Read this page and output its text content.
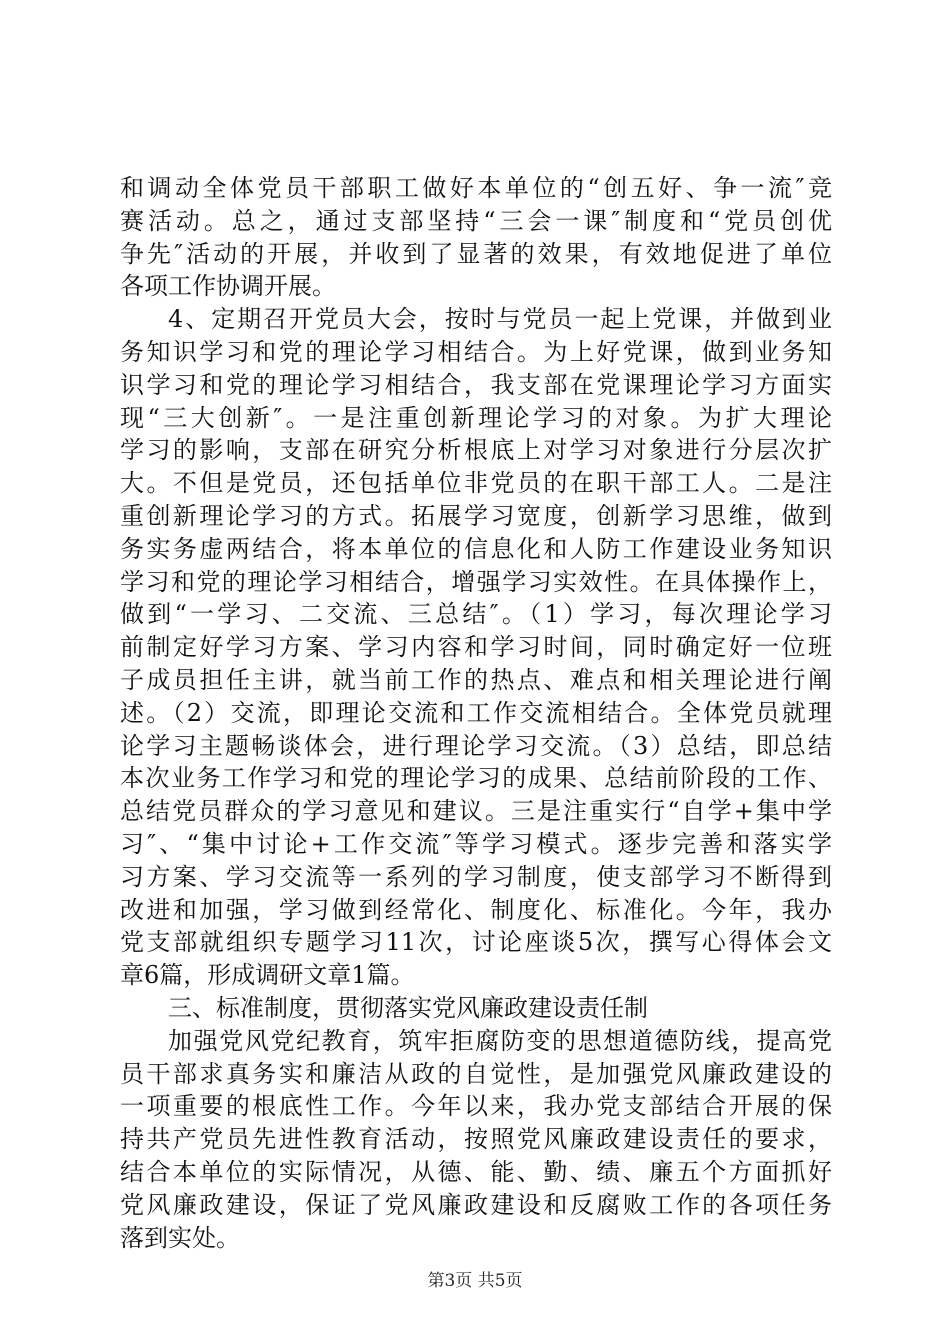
和调动全体党员干部职工做好本单位的“创五好、争一流″竞
赛活动。总之，通过支部坚持“三会一课″制度和“党员创优
争先″活动的开展，并收到了显著的效果，有效地促进了单位
各项工作协调开展。
4、定期召开党员大会，按时与党员一起上党课，并做到业
务知识学习和党的理论学习相结合。为上好党课，做到业务知
识学习和党的理论学习相结合，我支部在党课理论学习方面实
现“三大创新″。一是注重创新理论学习的对象。为扩大理论
学习的影响，支部在研究分析根底上对学习对象进行分层次扩
大。不但是党员，还包括单位非党员的在职干部工人。二是注
重创新理论学习的方式。拓展学习宽度，创新学习思维，做到
务实务虚两结合，将本单位的信息化和人防工作建设业务知识
学习和党的理论学习相结合，增强学习实效性。在具体操作上，
做到“一学习、二交流、三总结″。（1）学习，每次理论学习
前制定好学习方案、学习内容和学习时间，同时确定好一位班
子成员担任主讲，就当前工作的热点、难点和相关理论进行阐
述。（2）交流，即理论交流和工作交流相结合。全体党员就理
论学习主题畅谈体会，进行理论学习交流。（3）总结，即总结
本次业务工作学习和党的理论学习的成果、总结前阶段的工作、
总结党员群众的学习意见和建议。三是注重实行“自学+集中学
习″、“集中讨论+工作交流″等学习模式。逐步完善和落实学
习方案、学习交流等一系列的学习制度，使支部学习不断得到
改进和加强，学习做到经常化、制度化、标准化。今年，我办
党支部就组织专题学习11次，讨论座谈5次，撰写心得体会文
章6篇，形成调研文章1篇。
三、标准制度，贯彻落实党风廉政建设责任制
加强党风党纪教育，筑牢拒腐防变的思想道德防线，提高党
员干部求真务实和廉洁从政的自觉性，是加强党风廉政建设的
一项重要的根底性工作。今年以来，我办党支部结合开展的保
持共产党员先进性教育活动，按照党风廉政建设责任的要求，
结合本单位的实际情况，从德、能、勤、绩、廉五个方面抓好
党风廉政建设，保证了党风廉政建设和反腐败工作的各项任务
落到实处。
第3页 共5页
